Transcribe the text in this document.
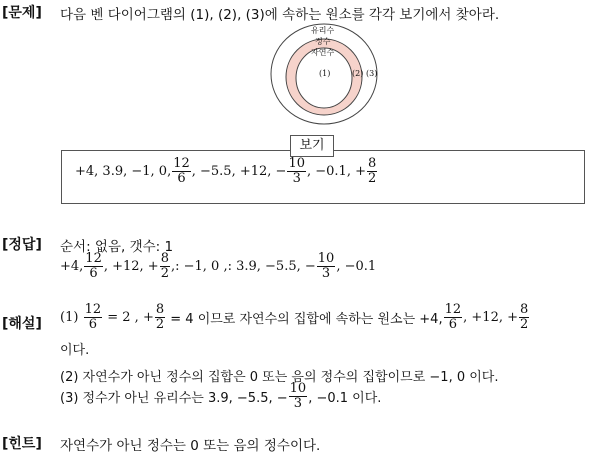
[문제] 다음 벤 다이어그램의 (1), (2), (3)에 속하는 원소를 각각 보기에서 찾아라.
유리수
정수
자연수
(1)	(2) (3)
보기
+4, 3.9, −1, 0, $\frac{12}{6}$ , −5.5, +12, − $\frac{10}{3}$ , −0.1, + $\frac{8}{2}$
[정답] 순서: 없음, 갯수: 1
+4, $\frac{12}{6}$ , +12, + $\frac{8}{2}$ ,: −1, 0 ,: 3.9, −5.5, − $\frac{10}{3}$ , −0.1
[해설] (1)
$\frac{12}{6}$
= 2 , + $\frac{8}{2}$
= 4 이므로 자연수의 집합에 속하는 원소는 +4, $\frac{12}{6}$ , +12, + $\frac{8}{2}$
이다.
(2) 자연수가 아닌 정수의 집합은 0 또는 음의 정수의 집합이므로 −1, 0 이다.
(3) 정수가 아닌 유리수는 3.9, −5.5, − $\frac{10}{3}$ , −0.1 이다.
[힌트] 자연수가 아닌 정수는 0 또는 음의 정수이다.
